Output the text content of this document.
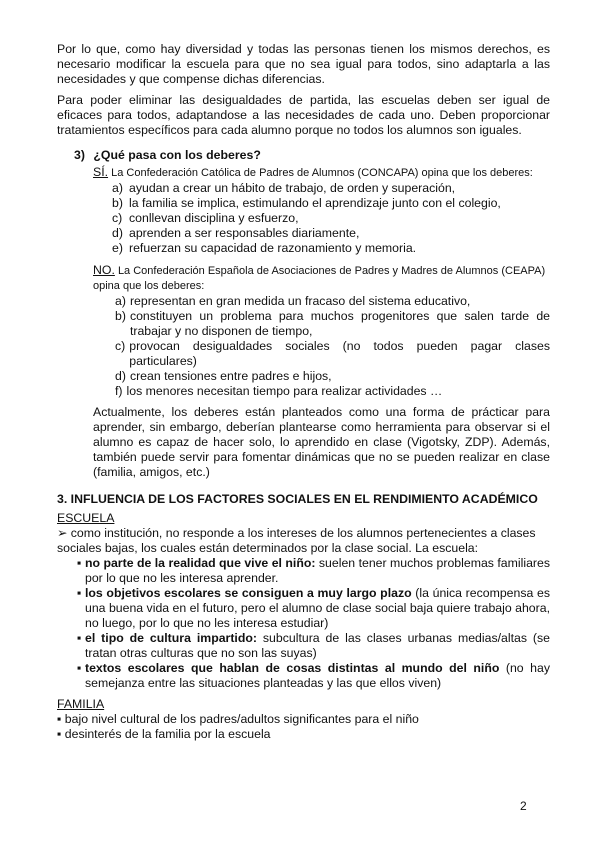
Por lo que, como hay diversidad y todas las personas tienen los mismos derechos, es necesario modificar la escuela para que no sea igual para todos, sino adaptarla a las necesidades y que compense dichas diferencias.

Para poder eliminar las desigualdades de partida, las escuelas deben ser igual de eficaces para todos, adaptandose a las necesidades de cada uno. Deben proporcionar tratamientos específicos para cada alumno porque no todos los alumnos son iguales.

3) ¿Qué pasa con los deberes?

SÍ. La Confederación Católica de Padres de Alumnos (CONCAPA) opina que los deberes:

a) ayudan a crear un hábito de trabajo, de orden y superación,
b) la familia se implica, estimulando el aprendizaje junto con el colegio,
c) conllevan disciplina y esfuerzo,
d) aprenden a ser responsables diariamente,
e) refuerzan su capacidad de razonamiento y memoria.

NO. La Confederación Española de Asociaciones de Padres y Madres de Alumnos (CEAPA) opina que los deberes:

a) representan en gran medida un fracaso del sistema educativo,
b) constituyen un problema para muchos progenitores que salen tarde de trabajar y no disponen de tiempo,
c) provocan desigualdades sociales (no todos pueden pagar clases particulares)
d) crean tensiones entre padres e hijos,
f) los menores necesitan tiempo para realizar actividades …

Actualmente, los deberes están planteados como una forma de prácticar para aprender, sin embargo, deberían plantearse como herramienta para observar si el alumno es capaz de hacer solo, lo aprendido en clase (Vigotsky, ZDP). Además, también puede servir para fomentar dinámicas que no se pueden realizar en clase (familia, amigos, etc.)

3. INFLUENCIA DE LOS FACTORES SOCIALES EN EL RENDIMIENTO ACADÉMICO

ESCUELA

➢ como institución, no responde a los intereses de los alumnos pertenecientes a clases sociales bajas, los cuales están determinados por la clase social. La escuela:

▪ no parte de la realidad que vive el niño: suelen tener muchos problemas familiares por lo que no les interesa aprender.
▪ los objetivos escolares se consiguen a muy largo plazo (la única recompensa es una buena vida en el futuro, pero el alumno de clase social baja quiere trabajo ahora, no luego, por lo que no les interesa estudiar)
▪ el tipo de cultura impartido: subcultura de las clases urbanas medias/altas (se tratan otras culturas que no son las suyas)
▪ textos escolares que hablan de cosas distintas al mundo del niño (no hay semejanza entre las situaciones planteadas y las que ellos viven)

FAMILIA

▪ bajo nivel cultural de los padres/adultos significantes para el niño
▪ desinterés de la familia por la escuela
2
